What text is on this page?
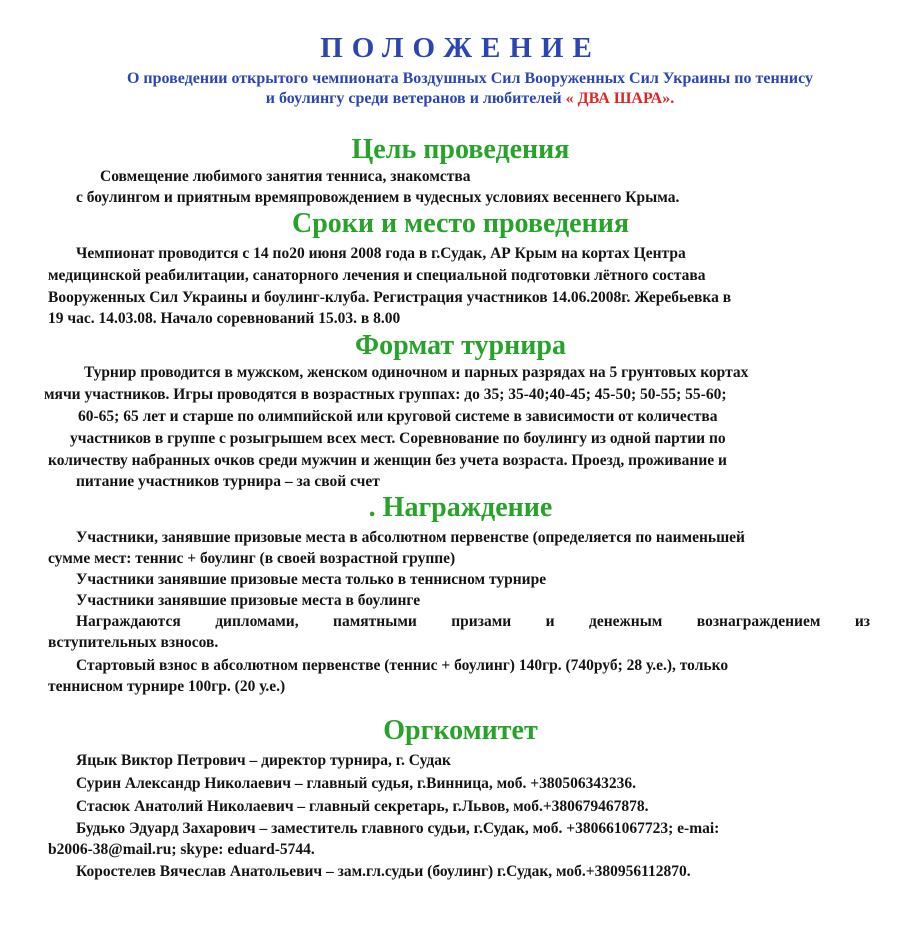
ПОЛОЖЕНИЕ
О проведении открытого чемпионата Воздушных Сил Вооруженных Сил Украины по теннису
и боулингу среди ветеранов и любителей « ДВА ШАРА».
Цель проведения
Совмещение любимого занятия тенниса, знакомства
с боулингом и приятным времяпровождением в чудесных условиях весеннего Крыма.
Сроки и место проведения
Чемпионат проводится с 14 по20 июня 2008 года в г.Судак, АР Крым на кортах Центра
медицинской реабилитации, санаторного лечения и специальной подготовки лётного состава
Вооруженных Сил Украины и боулинг-клуба. Регистрация участников 14.06.2008г. Жеребьевка в
19 час. 14.03.08. Начало соревнований 15.03. в 8.00
Формат турнира
Турнир проводится в мужском, женском одиночном и парных разрядах на 5 грунтовых кортах
мячи участников. Игры проводятся в возрастных группах: до 35; 35-40;40-45; 45-50; 50-55; 55-60;
60-65; 65 лет и старше по олимпийской или круговой системе в зависимости от количества
участников в группе с розыгрышем всех мест. Соревнование по боулингу из одной партии по
количеству набранных очков среди мужчин и женщин без учета возраста. Проезд, проживание и
питание участников турнира – за свой счет
. Награждение
Участники, занявшие призовые места в абсолютном первенстве (определяется по наименьшей
сумме мест: теннис + боулинг (в своей возрастной группе)
Участники занявшие призовые места только в теннисном турнире
Участники занявшие призовые места в боулинге
Награждаются дипломами, памятными призами и денежным вознаграждением из
вступительных взносов.
Стартовый взнос в абсолютном первенстве (теннис + боулинг) 140гр. (740руб; 28 у.е.), только
теннисном турнире 100гр. (20 у.е.)
Оргкомитет
Яцык Виктор Петрович – директор турнира, г. Судак
Сурин Александр Николаевич – главный судья, г.Винница, моб. +380506343236.
Стасюк Анатолий Николаевич – главный секретарь, г.Львов, моб.+380679467878.
Будько Эдуард Захарович – заместитель главного судьи, г.Судак, моб. +380661067723; e-mai:
b2006-38@mail.ru; skype: eduard-5744.
Коростелев Вячеслав Анатольевич – зам.гл.судьи (боулинг) г.Судак, моб.+380956112870.
